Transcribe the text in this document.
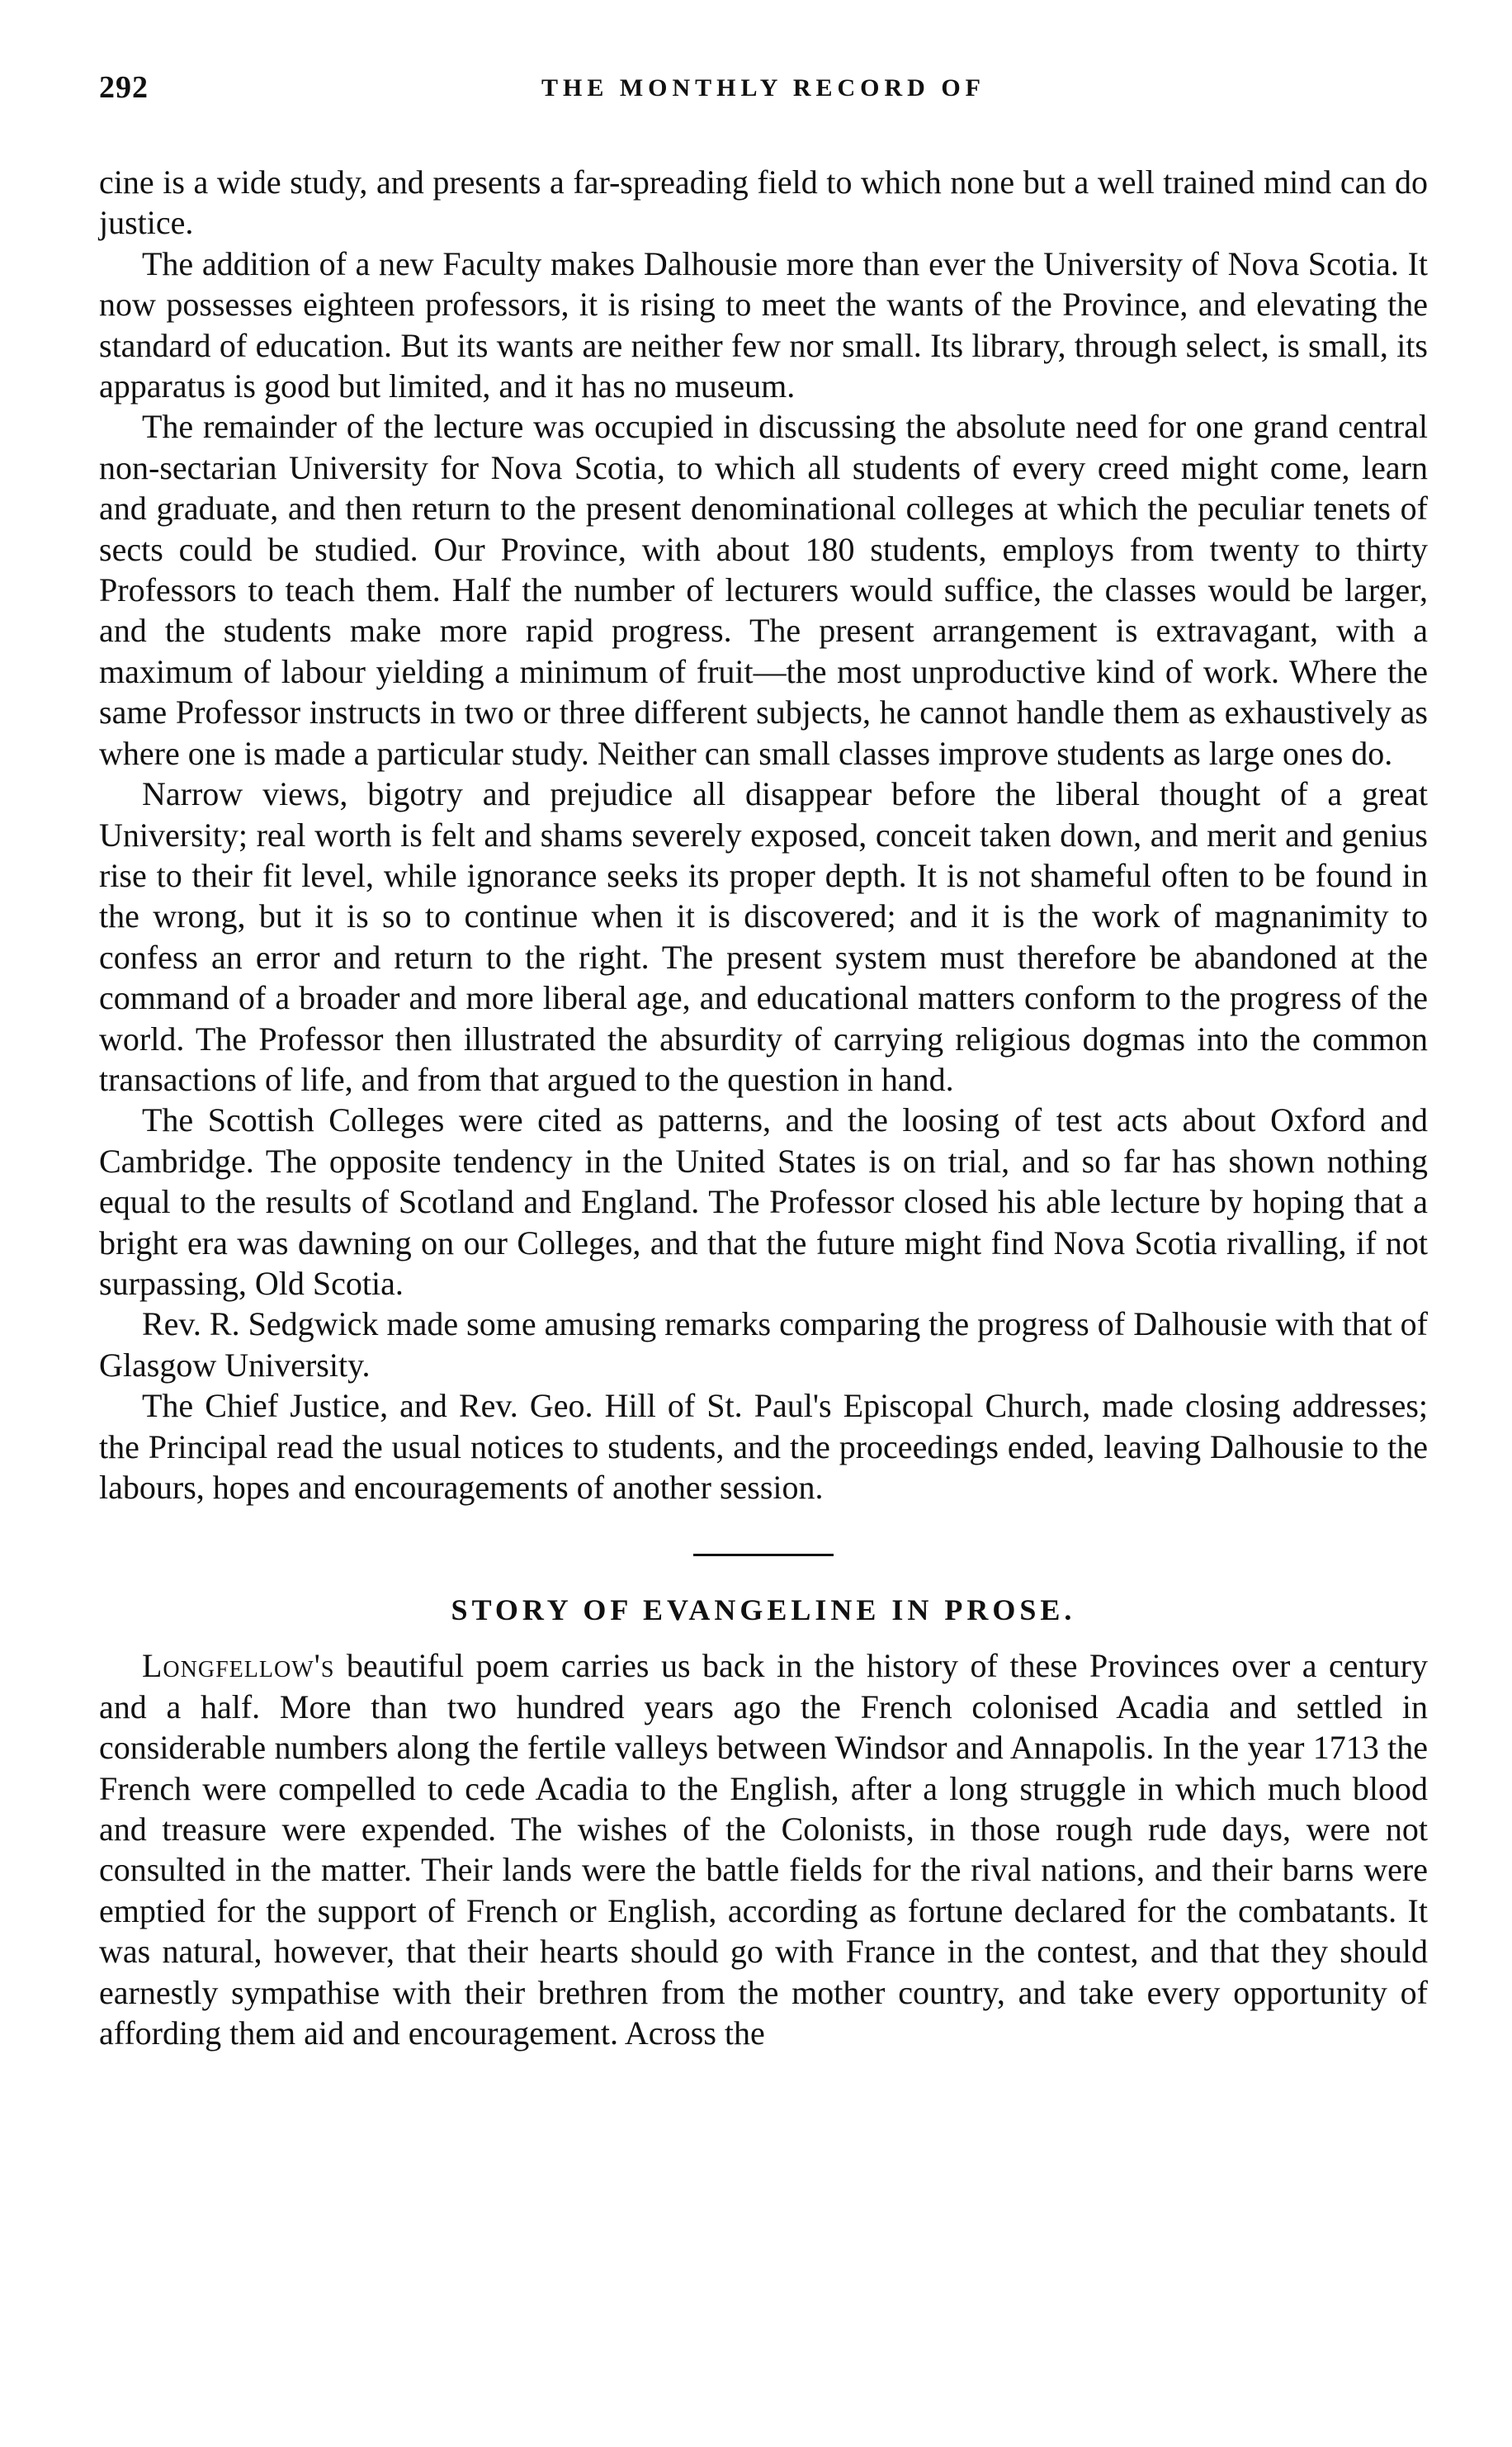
292	THE MONTHLY RECORD OF

cine is a wide study, and presents a far-spreading field to which none but a well trained mind can do justice.

The addition of a new Faculty makes Dalhousie more than ever the University of Nova Scotia. It now possesses eighteen professors, it is rising to meet the wants of the Province, and elevating the standard of education. But its wants are neither few nor small. Its library, through select, is small, its apparatus is good but limited, and it has no museum.

The remainder of the lecture was occupied in discussing the absolute need for one grand central non-sectarian University for Nova Scotia, to which all students of every creed might come, learn and graduate, and then return to the present denominational colleges at which the peculiar tenets of sects could be studied. Our Province, with about 180 students, employs from twenty to thirty Professors to teach them. Half the number of lecturers would suffice, the classes would be larger, and the students make more rapid progress. The present arrangement is extravagant, with a maximum of labour yielding a minimum of fruit—the most unproductive kind of work. Where the same Professor instructs in two or three different subjects, he cannot handle them as exhaustively as where one is made a particular study. Neither can small classes improve students as large ones do.

Narrow views, bigotry and prejudice all disappear before the liberal thought of a great University; real worth is felt and shams severely exposed, conceit taken down, and merit and genius rise to their fit level, while ignorance seeks its proper depth. It is not shameful often to be found in the wrong, but it is so to continue when it is discovered; and it is the work of magnanimity to confess an error and return to the right. The present system must therefore be abandoned at the command of a broader and more liberal age, and educational matters conform to the progress of the world. The Professor then illustrated the absurdity of carrying religious dogmas into the common transactions of life, and from that argued to the question in hand.

The Scottish Colleges were cited as patterns, and the loosing of test acts about Oxford and Cambridge. The opposite tendency in the United States is on trial, and so far has shown nothing equal to the results of Scotland and England. The Professor closed his able lecture by hoping that a bright era was dawning on our Colleges, and that the future might find Nova Scotia rivalling, if not surpassing, Old Scotia.

Rev. R. Sedgwick made some amusing remarks comparing the progress of Dalhousie with that of Glasgow University.

The Chief Justice, and Rev. Geo. Hill of St. Paul's Episcopal Church, made closing addresses; the Principal read the usual notices to students, and the proceedings ended, leaving Dalhousie to the labours, hopes and encouragements of another session.

STORY OF EVANGELINE IN PROSE.

Longfellow's beautiful poem carries us back in the history of these Provinces over a century and a half. More than two hundred years ago the French colonised Acadia and settled in considerable numbers along the fertile valleys between Windsor and Annapolis. In the year 1713 the French were compelled to cede Acadia to the English, after a long struggle in which much blood and treasure were expended. The wishes of the Colonists, in those rough rude days, were not consulted in the matter. Their lands were the battle fields for the rival nations, and their barns were emptied for the support of French or English, according as fortune declared for the combatants. It was natural, however, that their hearts should go with France in the contest, and that they should earnestly sympathise with their brethren from the mother country, and take every opportunity of affording them aid and encouragement. Across the
